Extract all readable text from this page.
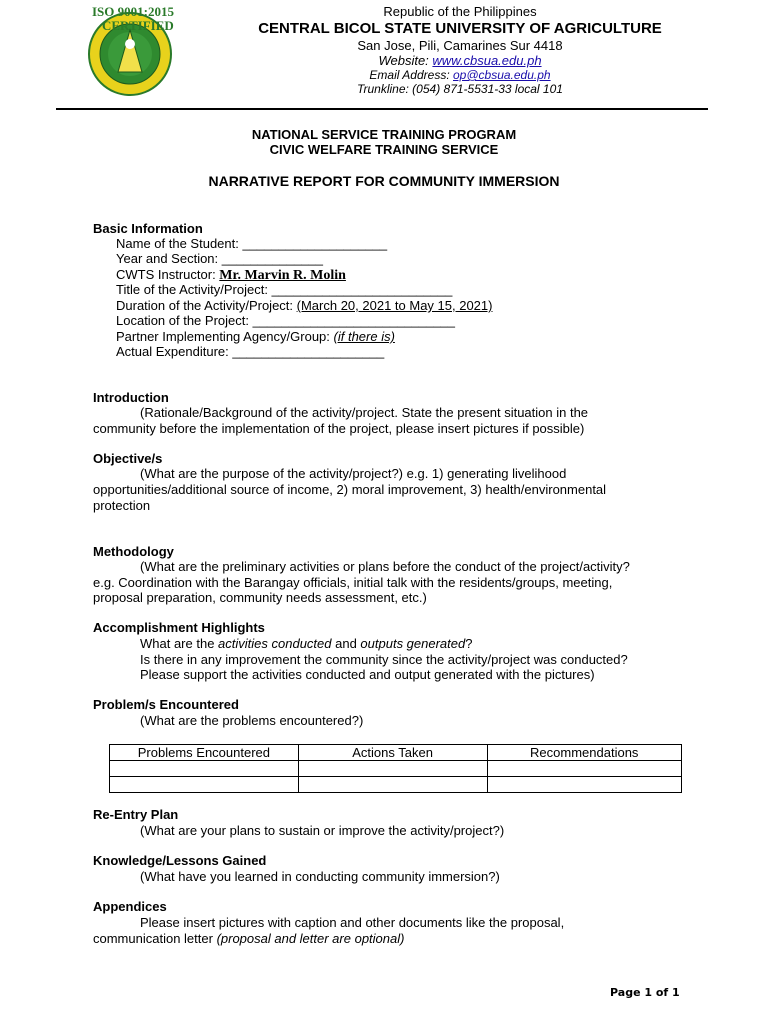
ISO 9001:2015
CERTIFIED
Republic of the Philippines
CENTRAL BICOL STATE UNIVERSITY OF AGRICULTURE
San Jose, Pili, Camarines Sur 4418
Website: www.cbsua.edu.ph
Email Address: op@cbsua.edu.ph
Trunkline: (054) 871-5531-33 local 101
NATIONAL SERVICE TRAINING PROGRAM
CIVIC WELFARE TRAINING SERVICE
NARRATIVE REPORT FOR COMMUNITY IMMERSION
Basic Information
Name of the Student: ____________________
Year and Section: ______________
CWTS Instructor: Mr. Marvin R. Molin
Title of the Activity/Project: _________________________
Duration of the Activity/Project: (March 20, 2021 to May 15, 2021)
Location of the Project: ____________________________
Partner Implementing Agency/Group: (if there is)
Actual Expenditure: _____________________
Introduction
(Rationale/Background of the activity/project. State the present situation in the
community before the implementation of the project, please insert pictures if possible)
Objective/s
(What are the purpose of the activity/project?) e.g. 1) generating livelihood
opportunities/additional source of income, 2) moral improvement, 3) health/environmental
protection
Methodology
(What are the preliminary activities or plans before the conduct of the project/activity?
e.g. Coordination with the Barangay officials, initial talk with the residents/groups, meeting,
proposal preparation, community needs assessment, etc.)
Accomplishment Highlights
What are the activities conducted and outputs generated?
Is there in any improvement the community since the activity/project was conducted?
Please support the activities conducted and output generated with the pictures)
Problem/s Encountered
(What are the problems encountered?)
Problems Encountered	Actions Taken	Recommendations

Re-Entry Plan
(What are your plans to sustain or improve the activity/project?)
Knowledge/Lessons Gained
(What have you learned in conducting community immersion?)
Appendices
Please insert pictures with caption and other documents like the proposal,
communication letter (proposal and letter are optional)
Page 1 of 1
